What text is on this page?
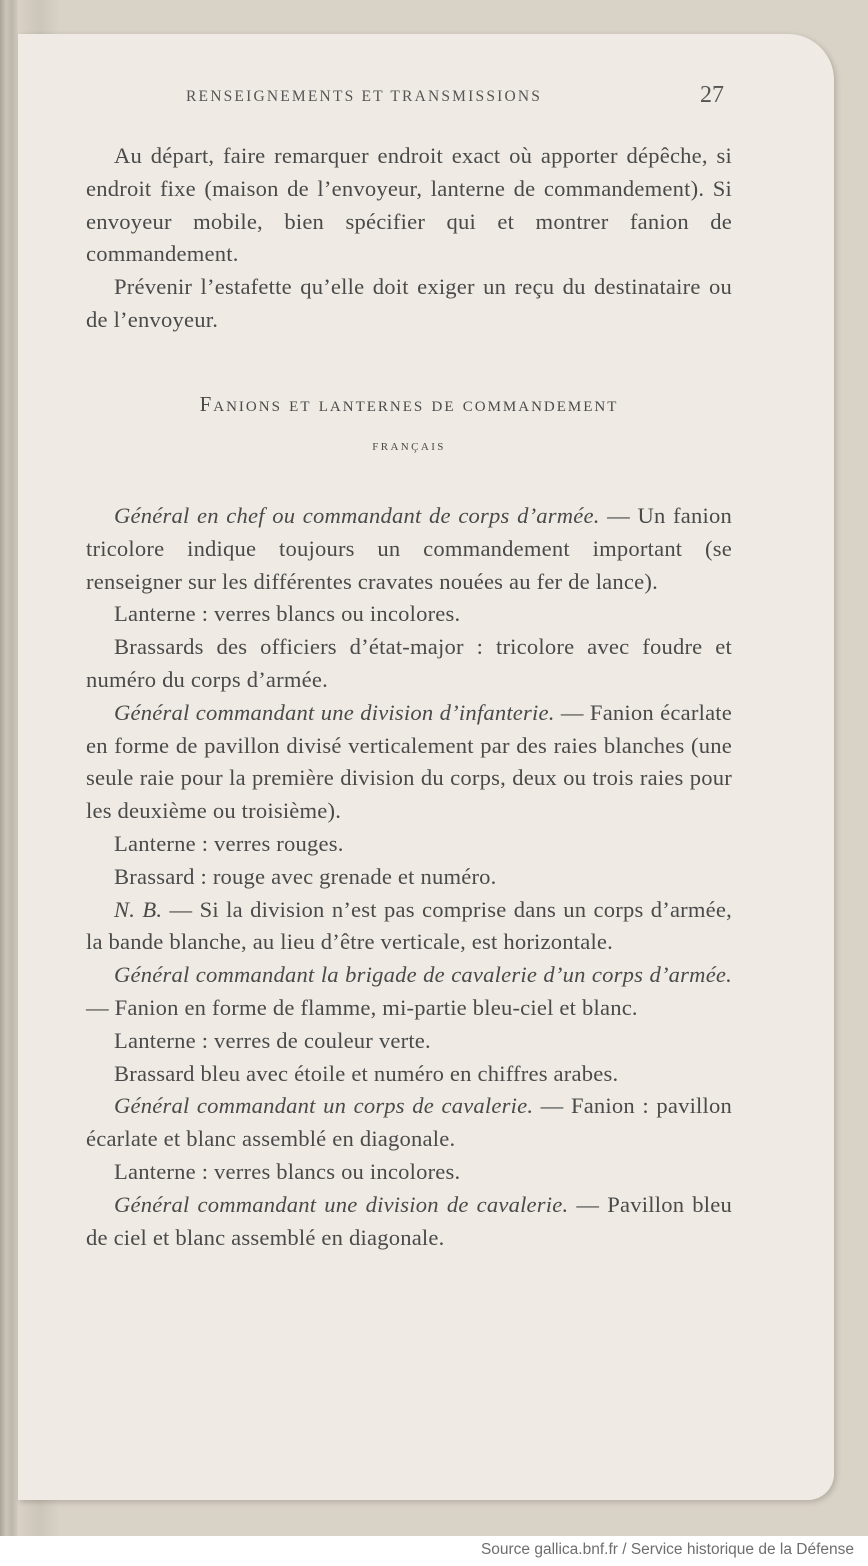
RENSEIGNEMENTS ET TRANSMISSIONS	27

Au départ, faire remarquer endroit exact où apporter dépêche, si endroit fixe (maison de l’envoyeur, lanterne de commandement). Si envoyeur mobile, bien spécifier qui et montrer fanion de commandement.

Prévenir l’estafette qu’elle doit exiger un reçu du destinataire ou de l’envoyeur.

Fanions et lanternes de commandement
français

Général en chef ou commandant de corps d’armée. — Un fanion tricolore indique toujours un commandement important (se renseigner sur les différentes cravates nouées au fer de lance).

Lanterne : verres blancs ou incolores.

Brassards des officiers d’état-major : tricolore avec foudre et numéro du corps d’armée.

Général commandant une division d’infanterie. — Fanion écarlate en forme de pavillon divisé verticalement par des raies blanches (une seule raie pour la première division du corps, deux ou trois raies pour les deuxième ou troisième).

Lanterne : verres rouges.

Brassard : rouge avec grenade et numéro.

N. B. — Si la division n’est pas comprise dans un corps d’armée, la bande blanche, au lieu d’être verticale, est horizontale.

Général commandant la brigade de cavalerie d’un corps d’armée. — Fanion en forme de flamme, mi-partie bleu-ciel et blanc.

Lanterne : verres de couleur verte.

Brassard bleu avec étoile et numéro en chiffres arabes.

Général commandant un corps de cavalerie. — Fanion : pavillon écarlate et blanc assemblé en diagonale.

Lanterne : verres blancs ou incolores.

Général commandant une division de cavalerie. — Pavillon bleu de ciel et blanc assemblé en diagonale.

Source gallica.bnf.fr / Service historique de la Défense
